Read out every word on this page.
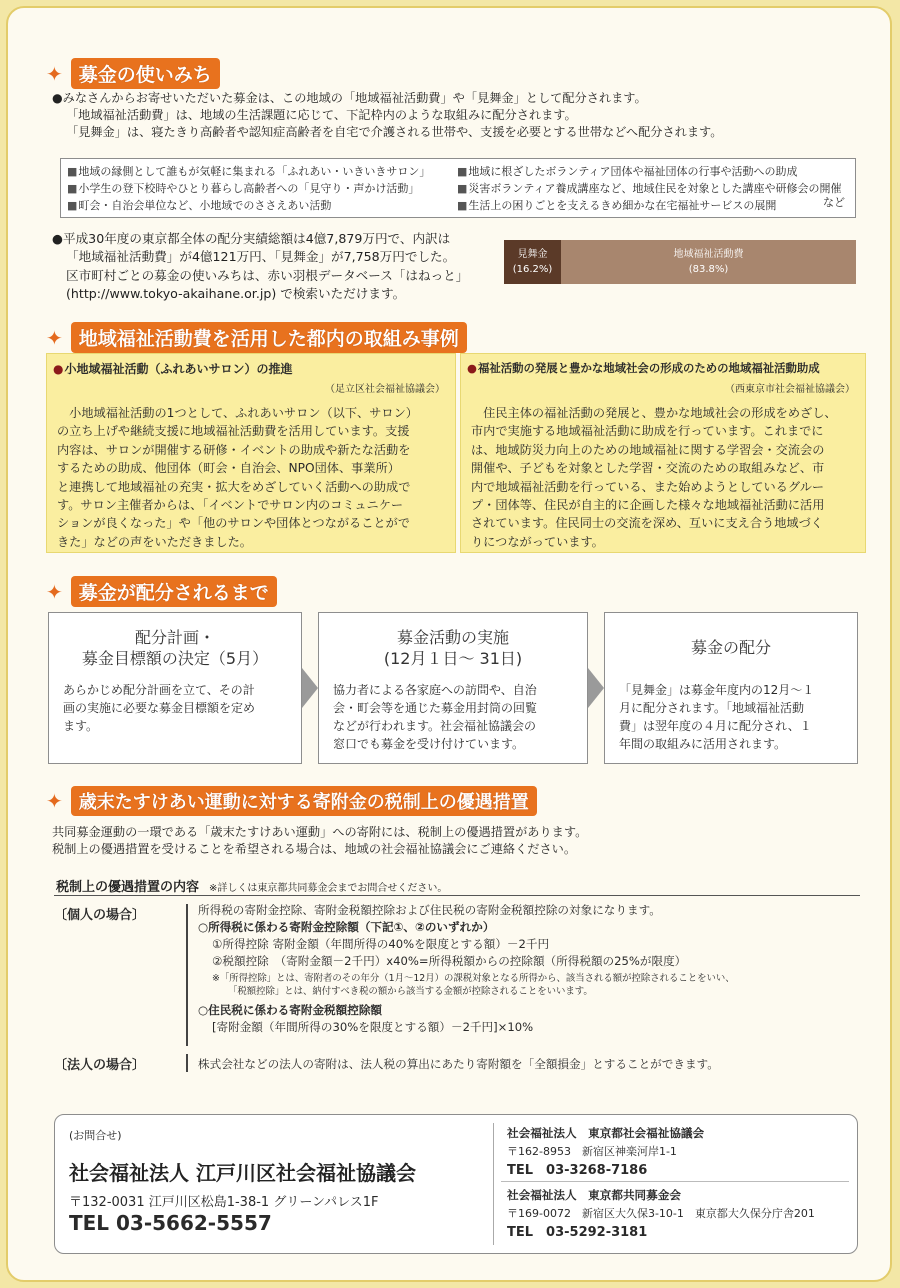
✦ 募金の使いみち

●みなさんからお寄せいただいた募金は、この地域の「地域福祉活動費」や「見舞金」として配分されます。

「地域福祉活動費」は、地域の生活課題に応じて、下記枠内のような取組みに配分されます。

「見舞金」は、寝たきり高齢者や認知症高齢者を自宅で介護される世帯や、支援を必要とする世帯などへ配分されます。

■ 地域の縁側として誰もが気軽に集まれる「ふれあい・いきいきサロン」

■ 小学生の登下校時やひとり暮らし高齢者への「見守り・声かけ活動」

■ 町会・自治会単位など、小地域でのささえあい活動

■ 地域に根ざしたボランティア団体や福祉団体の行事や活動への助成

■ 災害ボランティア養成講座など、地域住民を対象とした講座や研修会の開催

■ 生活上の困りごとを支えるきめ細かな在宅福祉サービスの展開	など

●平成30年度の東京都全体の配分実績総額は4億7,879万円で、内訳は

「地域福祉活動費」が4億121万円、「見舞金」が7,758万円でした。

区市町村ごとの募金の使いみちは、赤い羽根データベース「はねっと」

(http://www.tokyo-akaihane.or.jp) で検索いただけます。

見舞金
(16.2%)
地域福祉活動費
(83.8%)
✦ 地域福祉活動費を活用した都内の取組み事例
● 小地域福祉活動（ふれあいサロン）の推進
（足立区社会福祉協議会）

　小地域福祉活動の1つとして、ふれあいサロン（以下、サロン）

の立ち上げや継続支援に地域福祉活動費を活用しています。支援

内容は、サロンが開催する研修・イベントの助成や新たな活動を

するための助成、他団体（町会・自治会、NPO団体、事業所）

と連携して地域福祉の充実・拡大をめざしていく活動への助成で

す。サロン主催者からは、「イベントでサロン内のコミュニケー

ションが良くなった」や「他のサロンや団体とつながることがで

きた」などの声をいただきました。

● 福祉活動の発展と豊かな地域社会の形成のための地域福祉活動助成
（西東京市社会福祉協議会）

　住民主体の福祉活動の発展と、豊かな地域社会の形成をめざし、

市内で実施する地域福祉活動に助成を行っています。これまでに

は、地域防災力向上のための地域福祉に関する学習会・交流会の

開催や、子どもを対象とした学習・交流のための取組みなど、市

内で地域福祉活動を行っている、また始めようとしているグルー

プ・団体等、住民が自主的に企画した様々な地域福祉活動に活用

されています。住民同士の交流を深め、互いに支え合う地域づく

りにつながっています。

✦ 募金が配分されるまで
配分計画・
募金目標額の決定（5月）

あらかじめ配分計画を立て、その計

画の実施に必要な募金目標額を定め

ます。

募金活動の実施
(12月１日～ 31日)

協力者による各家庭への訪問や、自治

会・町会等を通じた募金用封筒の回覧

などが行われます。社会福祉協議会の

窓口でも募金を受け付けています。

募金の配分

「見舞金」は募金年度内の12月～１

月に配分されます。「地域福祉活動

費」は翌年度の４月に配分され、１

年間の取組みに活用されます。

✦ 歳末たすけあい運動に対する寄附金の税制上の優遇措置

共同募金運動の一環である「歳末たすけあい運動」への寄附には、税制上の優遇措置があります。

税制上の優遇措置を受けることを希望される場合は、地域の社会福祉協議会にご連絡ください。

税制上の優遇措置の内容 ※詳しくは東京都共同募金会までお問合せください。
〔個人の場合〕	所得税の寄附金控除、寄附金税額控除および住民税の寄附金税額控除の対象になります。

○所得税に係わる寄附金控除額（下記①、②のいずれか）

①所得控除 寄附金額（年間所得の40%を限度とする額）－2千円

②税額控除　（寄附金額－2千円）x40%=所得税額からの控除額（所得税額の25%が限度）

※「所得控除」とは、寄附者のその年分（1月〜12月）の課税対象となる所得から、該当される額が控除されることをいい、

「税額控除」とは、納付すべき税の額から該当する金額が控除されることをいいます。

○住民税に係わる寄附金税額控除額

[寄附金額（年間所得の30%を限度とする額）－2千円]×10%

〔法人の場合〕	株式会社などの法人の寄附は、法人税の算出にあたり寄附額を「全額損金」とすることができます。

(お問合せ)
社会福祉法人 江戸川区社会福祉協議会
〒132-0031 江戸川区松島1-38-1 グリーンパレス1F
TEL 03-5662-5557
社会福祉法人　東京都社会福祉協議会
〒162-8953　新宿区神楽河岸1-1
TEL　03-3268-7186
社会福祉法人　東京都共同募金会
〒169-0072　新宿区大久保3-10-1　東京都大久保分庁舎201
TEL　03-5292-3181
